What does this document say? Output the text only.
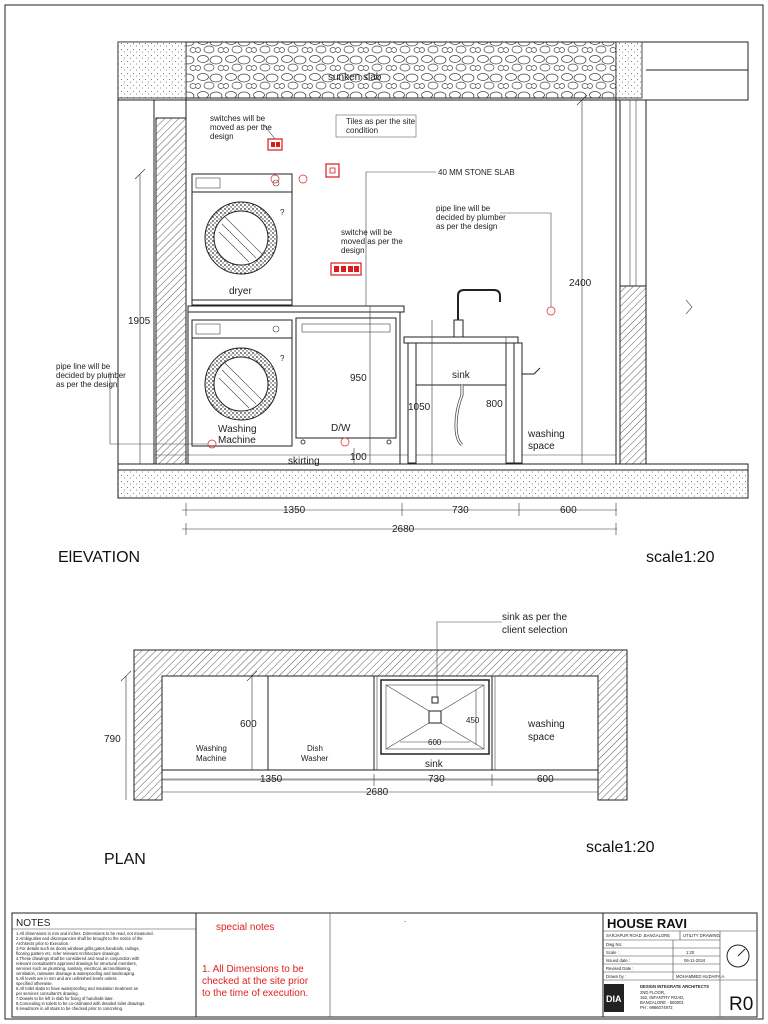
dryer
?
Washing
Machine
?
D/W
sink
sunken slab
switches will be
moved as per the
design
Tiles as per the site
condition
40 MM STONE SLAB
pipe line will be
decided by plumber
as per the design
switche will be
moved as per the
design
pipe line will be
decided by plumber
as per the design
washing
space
skirting
1905
2400
950
1050	800
100
1350	730	600
2680
ElEVATION	scale1:20
600
450
sink
sink as per the
client selection
Washing
Machine
Dish
Washer
washing
space
600
790
1350	730	600
2680
PLAN
scale1:20
NOTES
1.All dimensions in mm and inches. Dimensions to be read, not measured.
2.Ambiguities and discrepancies shall be brought to the notice of the
Architects prior to Execution.
3.For details such as doors,windows,grills,gates,handrails, railings,
flooring pattern etc. refer relevant Architecture drawings.
4.These drawings shall be considered and read in conjunction with
relevant consultants's approved drawings for structural members,
services such as plumbing, sanitary, electrical, airconditioning,
ventilation, rainwater drainage & waterproofing and landscaping.
5.All levels are in mm and are unfinished levels unless
specified otherwise.
6.All toilet slabs to have waterproofing and insulation treatment as
per services consultant's drawing.
7.Dowels to be left in slab for fixing of handrails later.
8.Concealing in toilets to be co-ordinated with detailed toilet drawings.
9.Headroom in all stairs to be checked prior to concreting.
special notes
1. All Dimensions to be
checked at the site prior
to the time of execution.
.	HOUSE RAVI
SARJAPUR ROAD ,BANGALORE	UTILITY DRAWING
Dwg No:
Scale :	1:20
Issued date :	06-11-2024
Revised Date :
Drawn by :	MOHAMMED HUDAIFA A.
DIA
DESIGN INTEGRATE ARCHITECTS
2ND FLOOR,
162, INFANTRY ROAD,
BANGALORE - 560001
PH : 9986074972	R0
